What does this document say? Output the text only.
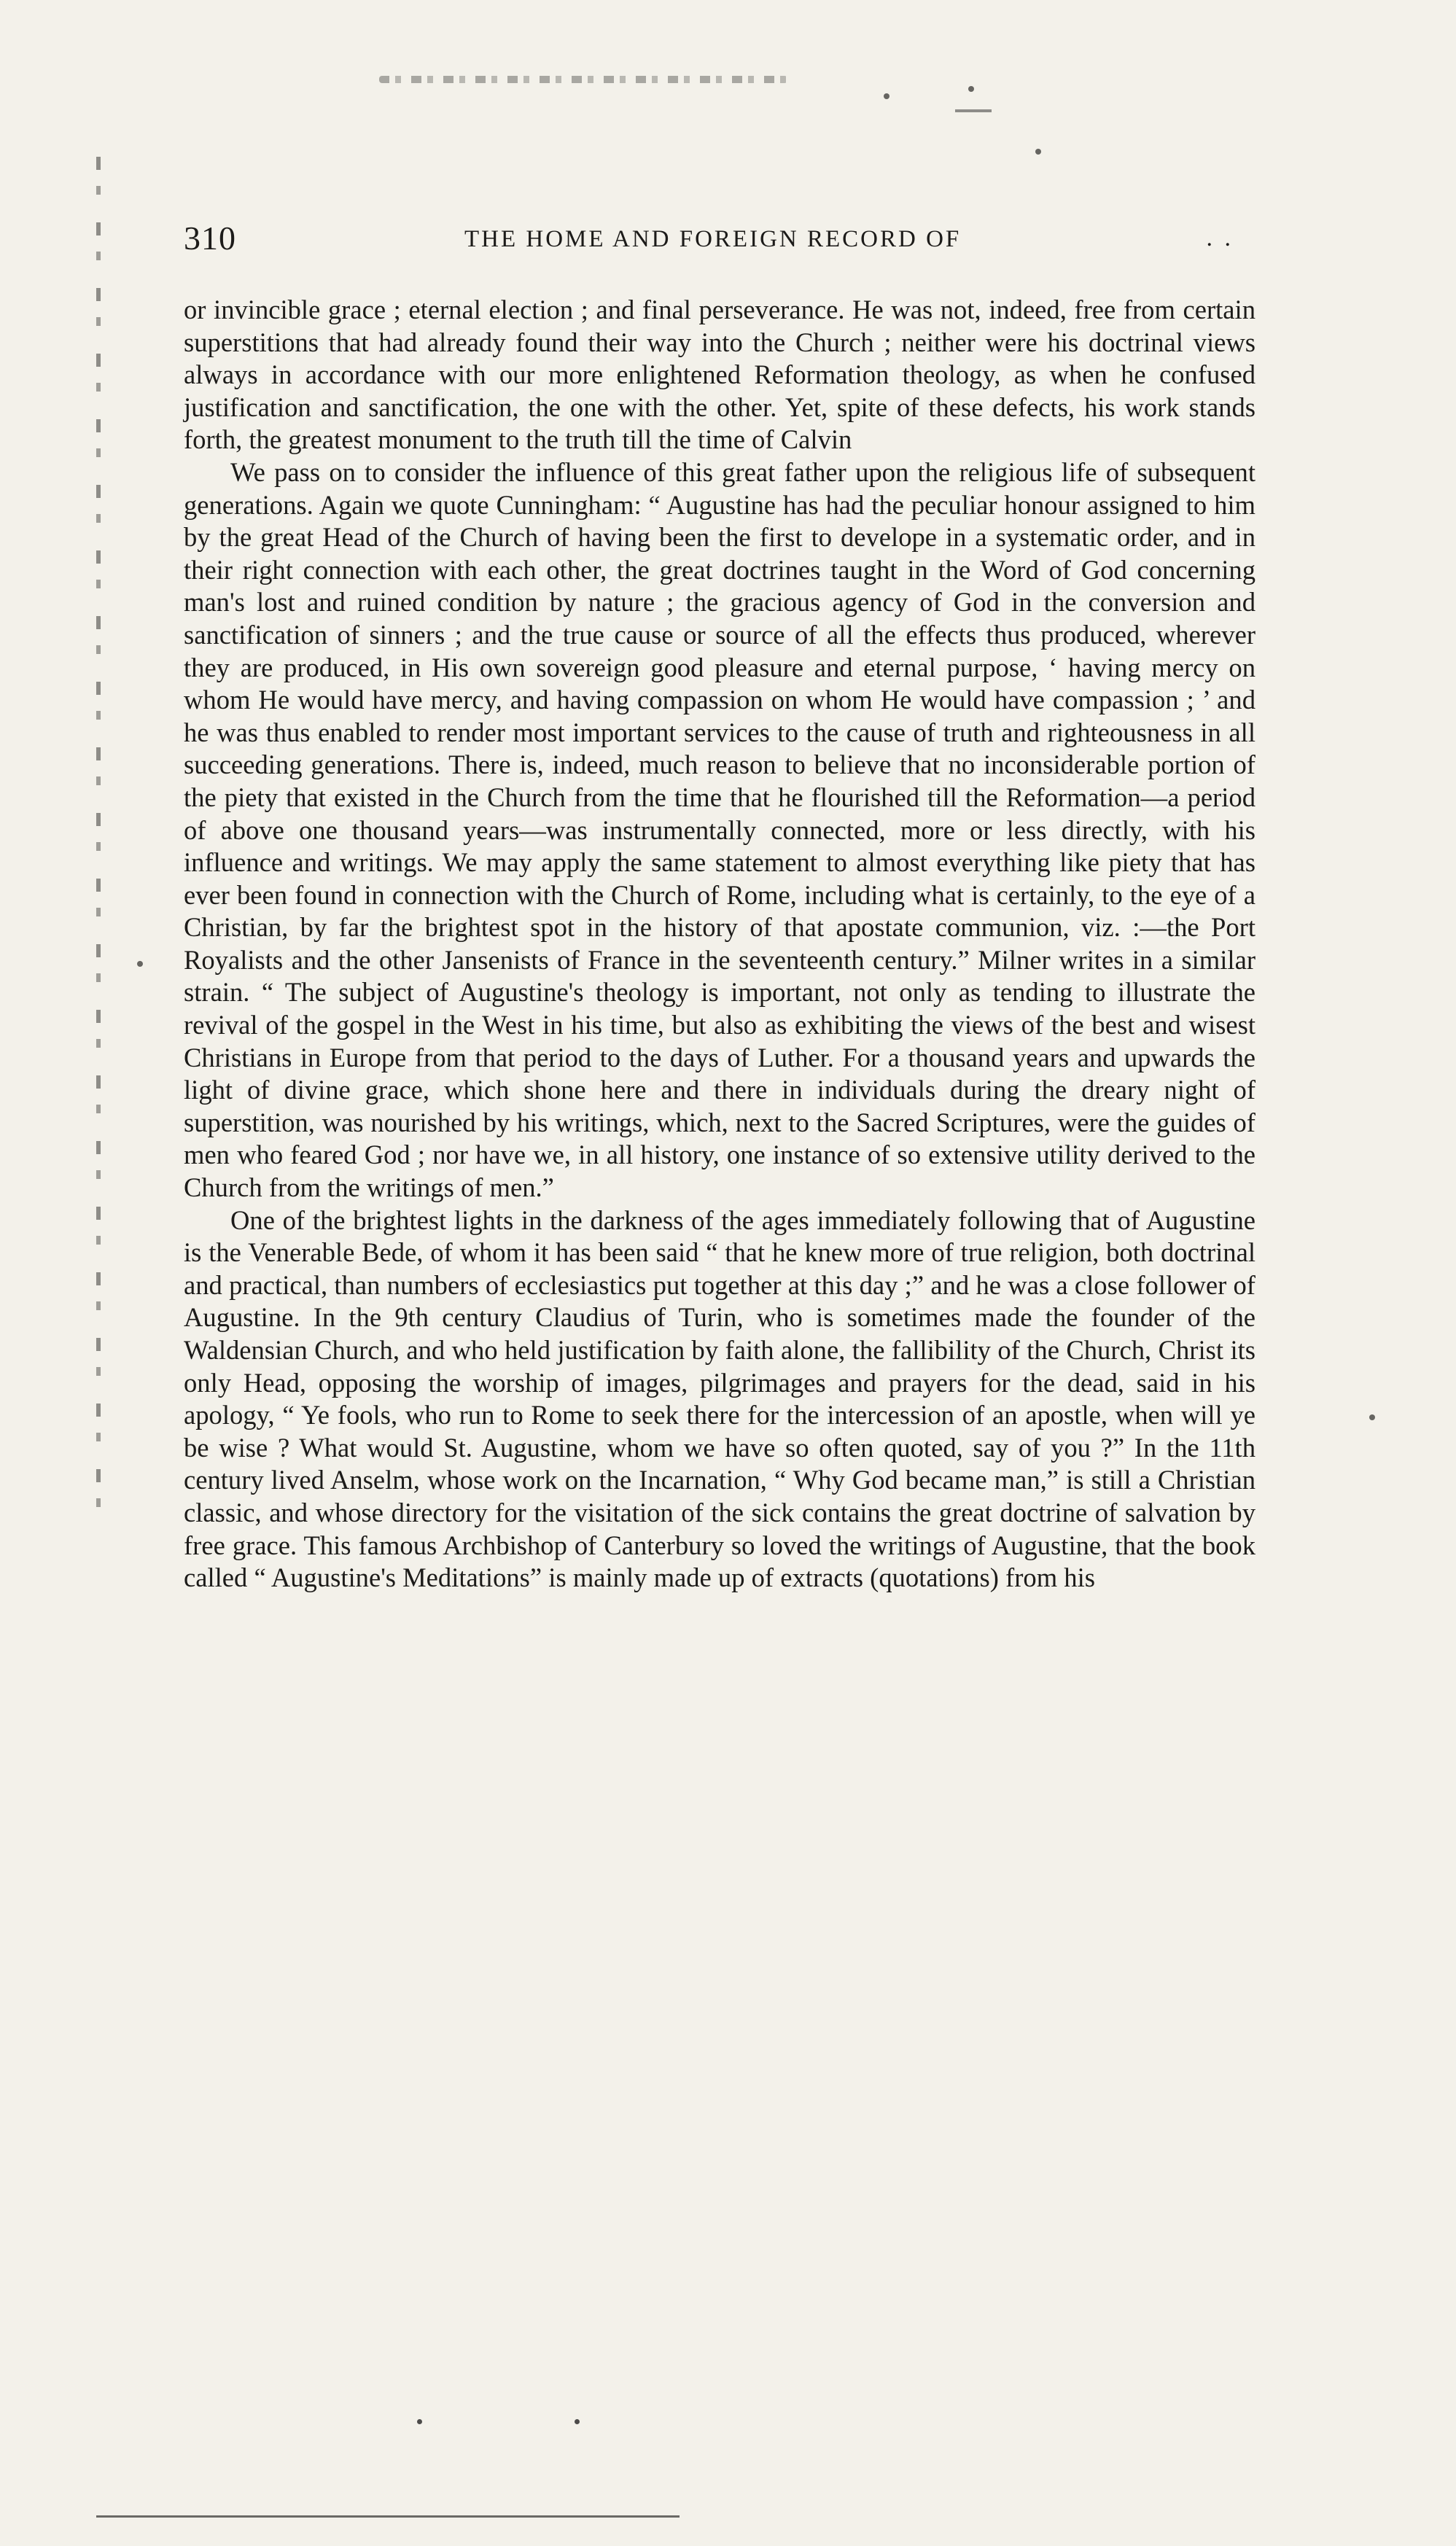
310	THE HOME AND FOREIGN RECORD OF	. .

or invincible grace ; eternal election ; and final perseverance. He was not, indeed, free from certain superstitions that had already found their way into the Church ; neither were his doctrinal views always in accordance with our more enlightened Reformation theology, as when he confused justification and sanctification, the one with the other. Yet, spite of these defects, his work stands forth, the greatest monument to the truth till the time of Calvin

We pass on to consider the influence of this great father upon the religious life of subsequent generations. Again we quote Cunningham: “ Augustine has had the peculiar honour assigned to him by the great Head of the Church of having been the first to develope in a systematic order, and in their right connection with each other, the great doctrines taught in the Word of God concerning man's lost and ruined condition by nature ; the gracious agency of God in the conversion and sanctification of sinners ; and the true cause or source of all the effects thus produced, wherever they are produced, in His own sovereign good pleasure and eternal purpose, ‘ having mercy on whom He would have mercy, and having compassion on whom He would have compassion ; ’ and he was thus enabled to render most important services to the cause of truth and righteousness in all succeeding generations. There is, indeed, much reason to believe that no inconsiderable portion of the piety that existed in the Church from the time that he flourished till the Reformation—a period of above one thousand years—was instrumentally connected, more or less directly, with his influence and writings. We may apply the same statement to almost everything like piety that has ever been found in connection with the Church of Rome, including what is certainly, to the eye of a Christian, by far the brightest spot in the history of that apostate communion, viz. :—the Port Royalists and the other Jansenists of France in the seventeenth century.” Milner writes in a similar strain. “ The subject of Augustine's theology is important, not only as tending to illustrate the revival of the gospel in the West in his time, but also as exhibiting the views of the best and wisest Christians in Europe from that period to the days of Luther. For a thousand years and upwards the light of divine grace, which shone here and there in individuals during the dreary night of superstition, was nourished by his writings, which, next to the Sacred Scriptures, were the guides of men who feared God ; nor have we, in all history, one instance of so extensive utility derived to the Church from the writings of men.”

One of the brightest lights in the darkness of the ages immediately following that of Augustine is the Venerable Bede, of whom it has been said “ that he knew more of true religion, both doctrinal and practical, than numbers of ecclesiastics put together at this day ;” and he was a close follower of Augustine. In the 9th century Claudius of Turin, who is sometimes made the founder of the Waldensian Church, and who held justification by faith alone, the fallibility of the Church, Christ its only Head, opposing the worship of images, pilgrimages and prayers for the dead, said in his apology, “ Ye fools, who run to Rome to seek there for the intercession of an apostle, when will ye be wise ? What would St. Augustine, whom we have so often quoted, say of you ?” In the 11th century lived Anselm, whose work on the Incarnation, “ Why God became man,” is still a Christian classic, and whose directory for the visitation of the sick contains the great doctrine of salvation by free grace. This famous Archbishop of Canterbury so loved the writings of Augustine, that the book called “ Augustine's Meditations” is mainly made up of extracts (quotations) from his
